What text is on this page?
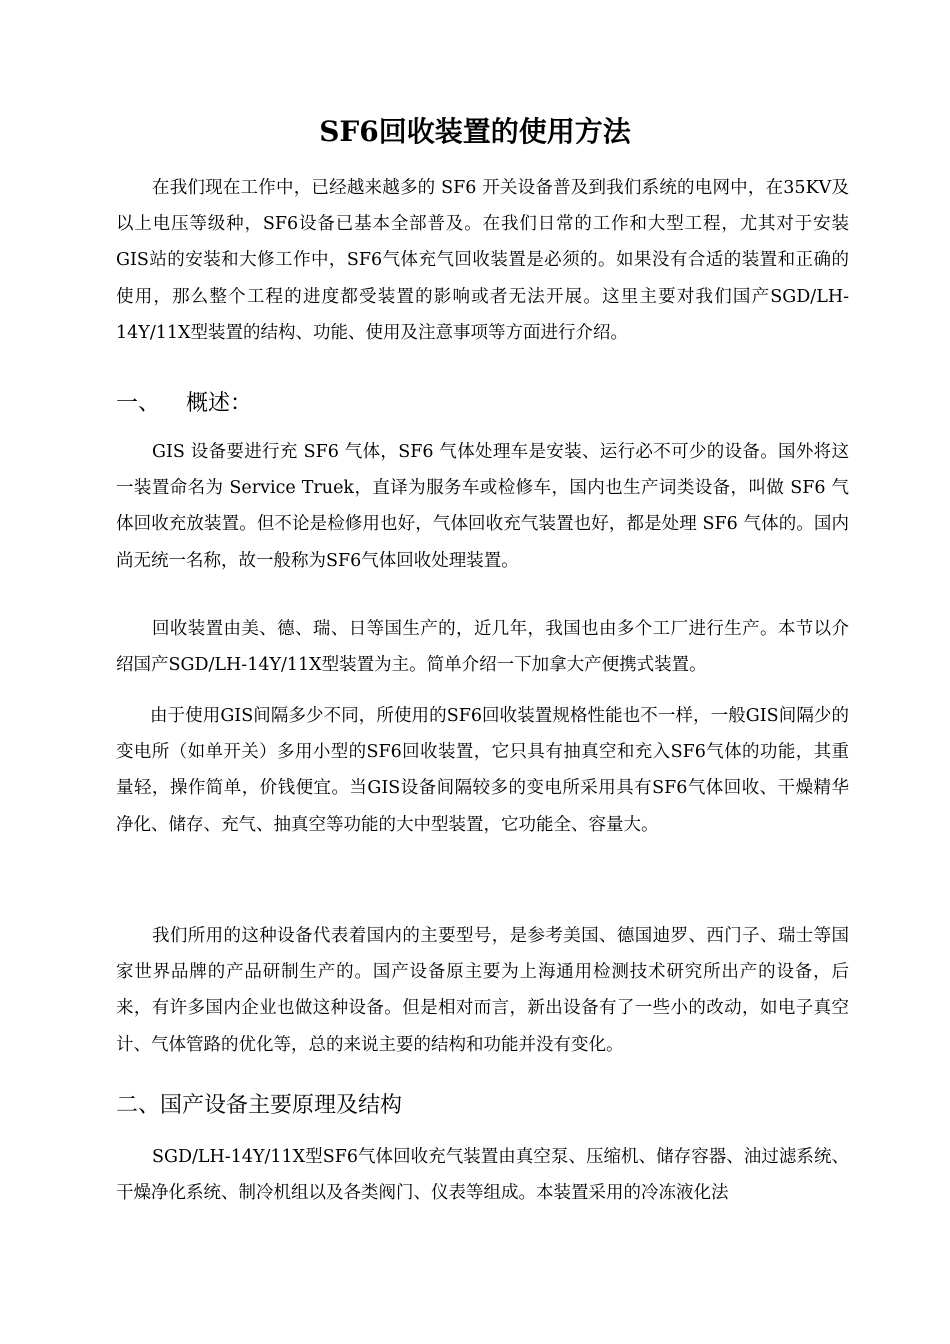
SF6回收装置的使用方法
在我们现在工作中，已经越来越多的 SF6 开关设备普及到我们系统的电网中，在35KV及以上电压等级种，SF6设备已基本全部普及。在我们日常的工作和大型工程，尤其对于安装GIS站的安装和大修工作中，SF6气体充气回收装置是必须的。如果没有合适的装置和正确的使用，那么整个工程的进度都受装置的影响或者无法开展。这里主要对我们国产SGD/LH-14Y/11X型装置的结构、功能、使用及注意事项等方面进行介绍。
一、 概述：
GIS 设备要进行充 SF6 气体，SF6 气体处理车是安装、运行必不可少的设备。国外将这一装置命名为 Service Truek，直译为服务车或检修车，国内也生产词类设备，叫做 SF6 气体回收充放装置。但不论是检修用也好，气体回收充气装置也好，都是处理 SF6 气体的。国内尚无统一名称，故一般称为SF6气体回收处理装置。
回收装置由美、德、瑞、日等国生产的，近几年，我国也由多个工厂进行生产。本节以介绍国产SGD/LH-14Y/11X型装置为主。简单介绍一下加拿大产便携式装置。
由于使用GIS间隔多少不同，所使用的SF6回收装置规格性能也不一样，一般GIS间隔少的变电所（如单开关）多用小型的SF6回收装置，它只具有抽真空和充入SF6气体的功能，其重量轻，操作简单，价钱便宜。当GIS设备间隔较多的变电所采用具有SF6气体回收、干燥精华净化、储存、充气、抽真空等功能的大中型装置，它功能全、容量大。
我们所用的这种设备代表着国内的主要型号，是参考美国、德国迪罗、西门子、瑞士等国家世界品牌的产品研制生产的。国产设备原主要为上海通用检测技术研究所出产的设备，后来，有许多国内企业也做这种设备。但是相对而言，新出设备有了一些小的改动，如电子真空计、气体管路的优化等，总的来说主要的结构和功能并没有变化。
二、国产设备主要原理及结构
SGD/LH-14Y/11X型SF6气体回收充气装置由真空泵、压缩机、储存容器、油过滤系统、干燥净化系统、制冷机组以及各类阀门、仪表等组成。本装置采用的冷冻液化法
